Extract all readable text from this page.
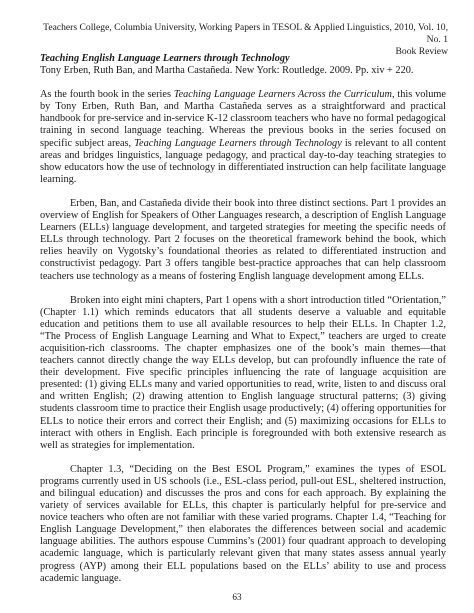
Teachers College, Columbia University, Working Papers in TESOL & Applied Linguistics, 2010, Vol. 10, No. 1
Book Review
Teaching English Language Learners through Technology
Tony Erben, Ruth Ban, and Martha Castañeda. New York: Routledge. 2009. Pp. xiv + 220.

As the fourth book in the series Teaching Language Learners Across the Curriculum, this volume by Tony Erben, Ruth Ban, and Martha Castañeda serves as a straightforward and practical handbook for pre-service and in-service K-12 classroom teachers who have no formal pedagogical training in second language teaching. Whereas the previous books in the series focused on specific subject areas, Teaching Language Learners through Technology is relevant to all content areas and bridges linguistics, language pedagogy, and practical day-to-day teaching strategies to show educators how the use of technology in differentiated instruction can help facilitate language learning.

Erben, Ban, and Castañeda divide their book into three distinct sections. Part 1 provides an overview of English for Speakers of Other Languages research, a description of English Language Learners (ELLs) language development, and targeted strategies for meeting the specific needs of ELLs through technology. Part 2 focuses on the theoretical framework behind the book, which relies heavily on Vygotsky’s foundational theories as related to differentiated instruction and constructivist pedagogy. Part 3 offers tangible best-practice approaches that can help classroom teachers use technology as a means of fostering English language development among ELLs.

Broken into eight mini chapters, Part 1 opens with a short introduction titled “Orientation,” (Chapter 1.1) which reminds educators that all students deserve a valuable and equitable education and petitions them to use all available resources to help their ELLs. In Chapter 1.2, “The Process of English Language Learning and What to Expect,” teachers are urged to create acquisition-rich classrooms. The chapter emphasizes one of the book’s main themes—that teachers cannot directly change the way ELLs develop, but can profoundly influence the rate of their development. Five specific principles influencing the rate of language acquisition are presented: (1) giving ELLs many and varied opportunities to read, write, listen to and discuss oral and written English; (2) drawing attention to English language structural patterns; (3) giving students classroom time to practice their English usage productively; (4) offering opportunities for ELLs to notice their errors and correct their English; and (5) maximizing occasions for ELLs to interact with others in English. Each principle is foregrounded with both extensive research as well as strategies for implementation.

Chapter 1.3, “Deciding on the Best ESOL Program,” examines the types of ESOL programs currently used in US schools (i.e., ESL-class period, pull-out ESL, sheltered instruction, and bilingual education) and discusses the pros and cons for each approach. By explaining the variety of services available for ELLs, this chapter is particularly helpful for pre-service and novice teachers who often are not familiar with these varied programs. Chapter 1.4, “Teaching for English Language Development,” then elaborates the differences between social and academic language abilities. The authors espouse Cummins’s (2001) four quadrant approach to developing academic language, which is particularly relevant given that many states assess annual yearly progress (AYP) among their ELL populations based on the ELLs’ ability to use and process academic language.

63
